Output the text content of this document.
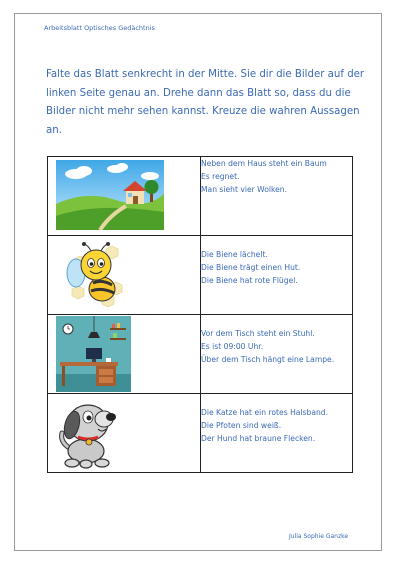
Arbeitsblatt Optisches Gedächtnis
Falte das Blatt senkrecht in der Mitte. Sie dir die Bilder auf der linken Seite genau an. Drehe dann das Blatt so, dass du die Bilder nicht mehr sehen kannst. Kreuze die wahren Aussagen an.

Neben dem Haus steht ein Baum
Es regnet.
Man sieht vier Wolken.

Die Biene lächelt.
Die Biene trägt einen Hut.
Die Biene hat rote Flügel.

Vor dem Tisch steht ein Stuhl.
Es ist 09:00 Uhr.
Über dem Tisch hängt eine Lampe.

Die Katze hat ein rotes Halsband.
Die Pfoten sind weiß.
Der Hund hat braune Flecken.
Julia Sophie Ganzke
